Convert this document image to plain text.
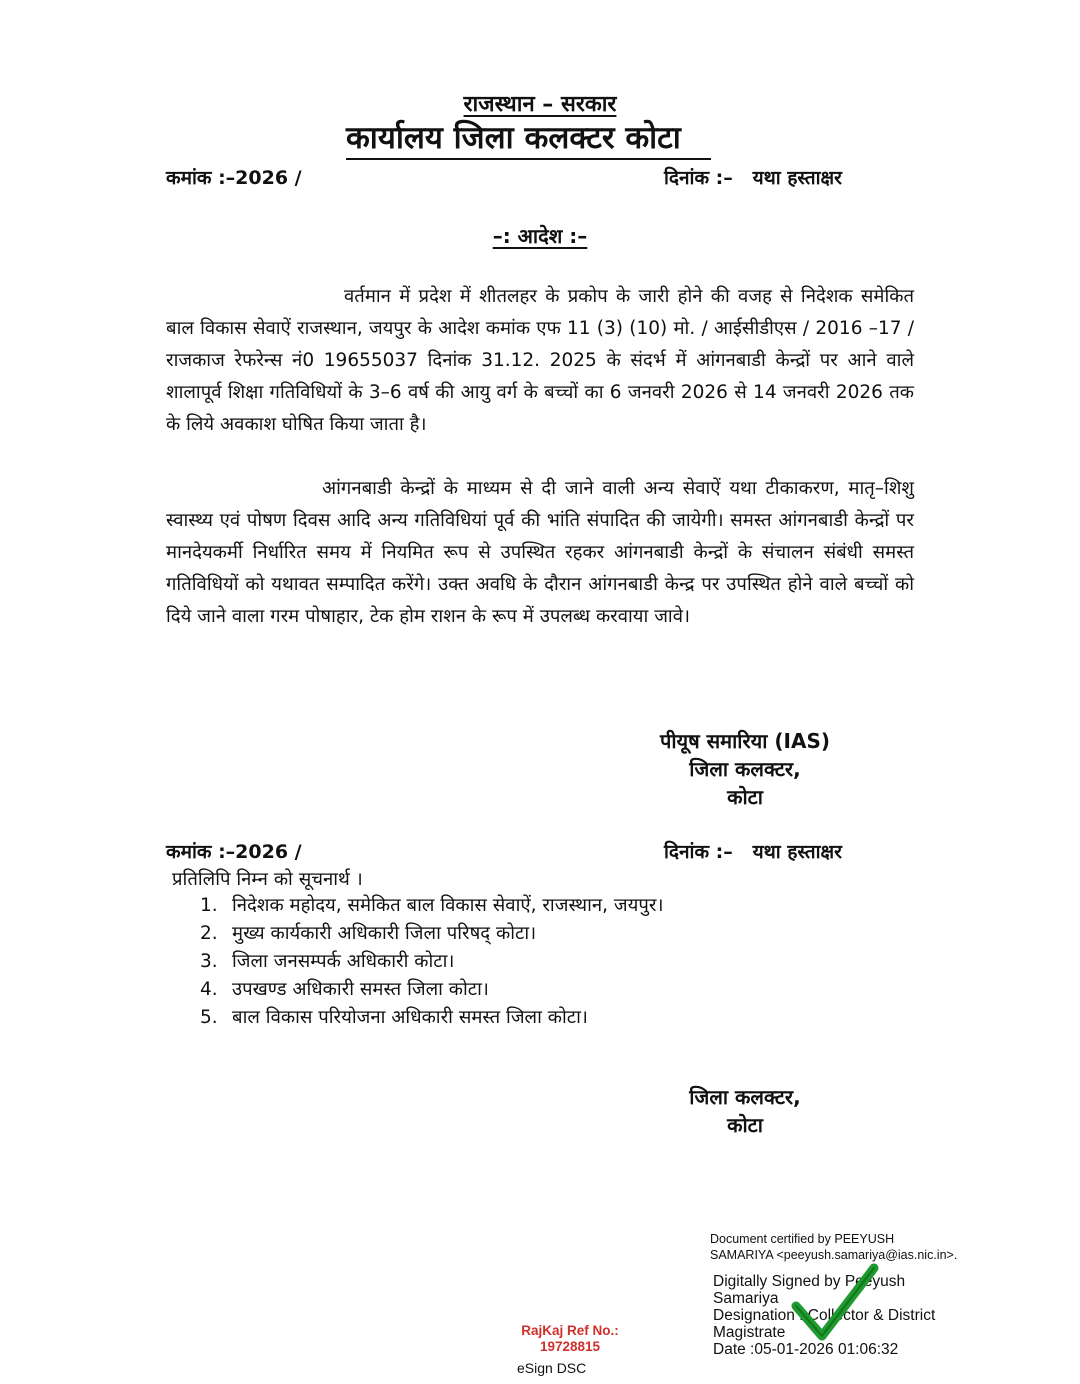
राजस्थान – सरकार
कार्यालय जिला कलक्टर कोटा
कमांक :–2026 /	दिनांक :–   यथा हस्ताक्षर
–: आदेश :–

वर्तमान में प्रदेश में शीतलहर के प्रकोप के जारी होने की वजह से निदेशक समेकित बाल विकास सेवाऐं राजस्थान, जयपुर के आदेश कमांक एफ 11 (3) (10) मो. / आईसीडीएस / 2016 –17 / राजकाज रेफरेन्स नं0 19655037 दिनांक 31.12. 2025 के संदर्भ में आंगनबाडी केन्द्रों पर आने वाले शालापूर्व शिक्षा गतिविधियों के 3–6 वर्ष की आयु वर्ग के बच्चों का 6 जनवरी 2026 से 14 जनवरी 2026 तक के लिये अवकाश घोषित किया जाता है।

आंगनबाडी केन्द्रों के माध्यम से दी जाने वाली अन्य सेवाऐं यथा टीकाकरण, मातृ–शिशु स्वास्थ्य एवं पोषण दिवस आदि अन्य गतिविधियां पूर्व की भांति संपादित की जायेगी। समस्त आंगनबाडी केन्द्रों पर मानदेयकर्मी निर्धारित समय में नियमित रूप से उपस्थित रहकर आंगनबाडी केन्द्रों के संचालन संबंधी समस्त गतिविधियों को यथावत सम्पादित करेंगे। उक्त अवधि के दौरान आंगनबाडी केन्द्र पर उपस्थित होने वाले बच्चों को दिये जाने वाला गरम पोषाहार, टेक होम राशन के रूप में उपलब्ध करवाया जावे।

पीयूष समारिया (IAS)
जिला कलक्टर,
कोटा
कमांक :–2026 /	दिनांक :–   यथा हस्ताक्षर
प्रतिलिपि निम्न को सूचनार्थ ।
1. निदेशक महोदय, समेकित बाल विकास सेवाऐं, राजस्थान, जयपुर।
2. मुख्य कार्यकारी अधिकारी जिला परिषद् कोटा।
3. जिला जनसम्पर्क अधिकारी कोटा।
4. उपखण्ड अधिकारी समस्त जिला कोटा।
5. बाल विकास परियोजना अधिकारी समस्त जिला कोटा।
जिला कलक्टर,
कोटा
Document certified by PEEYUSH
SAMARIYA <peeyush.samariya@ias.nic.in>.
Digitally Signed by Peeyush
Samariya
Designation : Collector & District
Magistrate
Date :05-01-2026 01:06:32
RajKaj Ref No.:
19728815
eSign DSC
